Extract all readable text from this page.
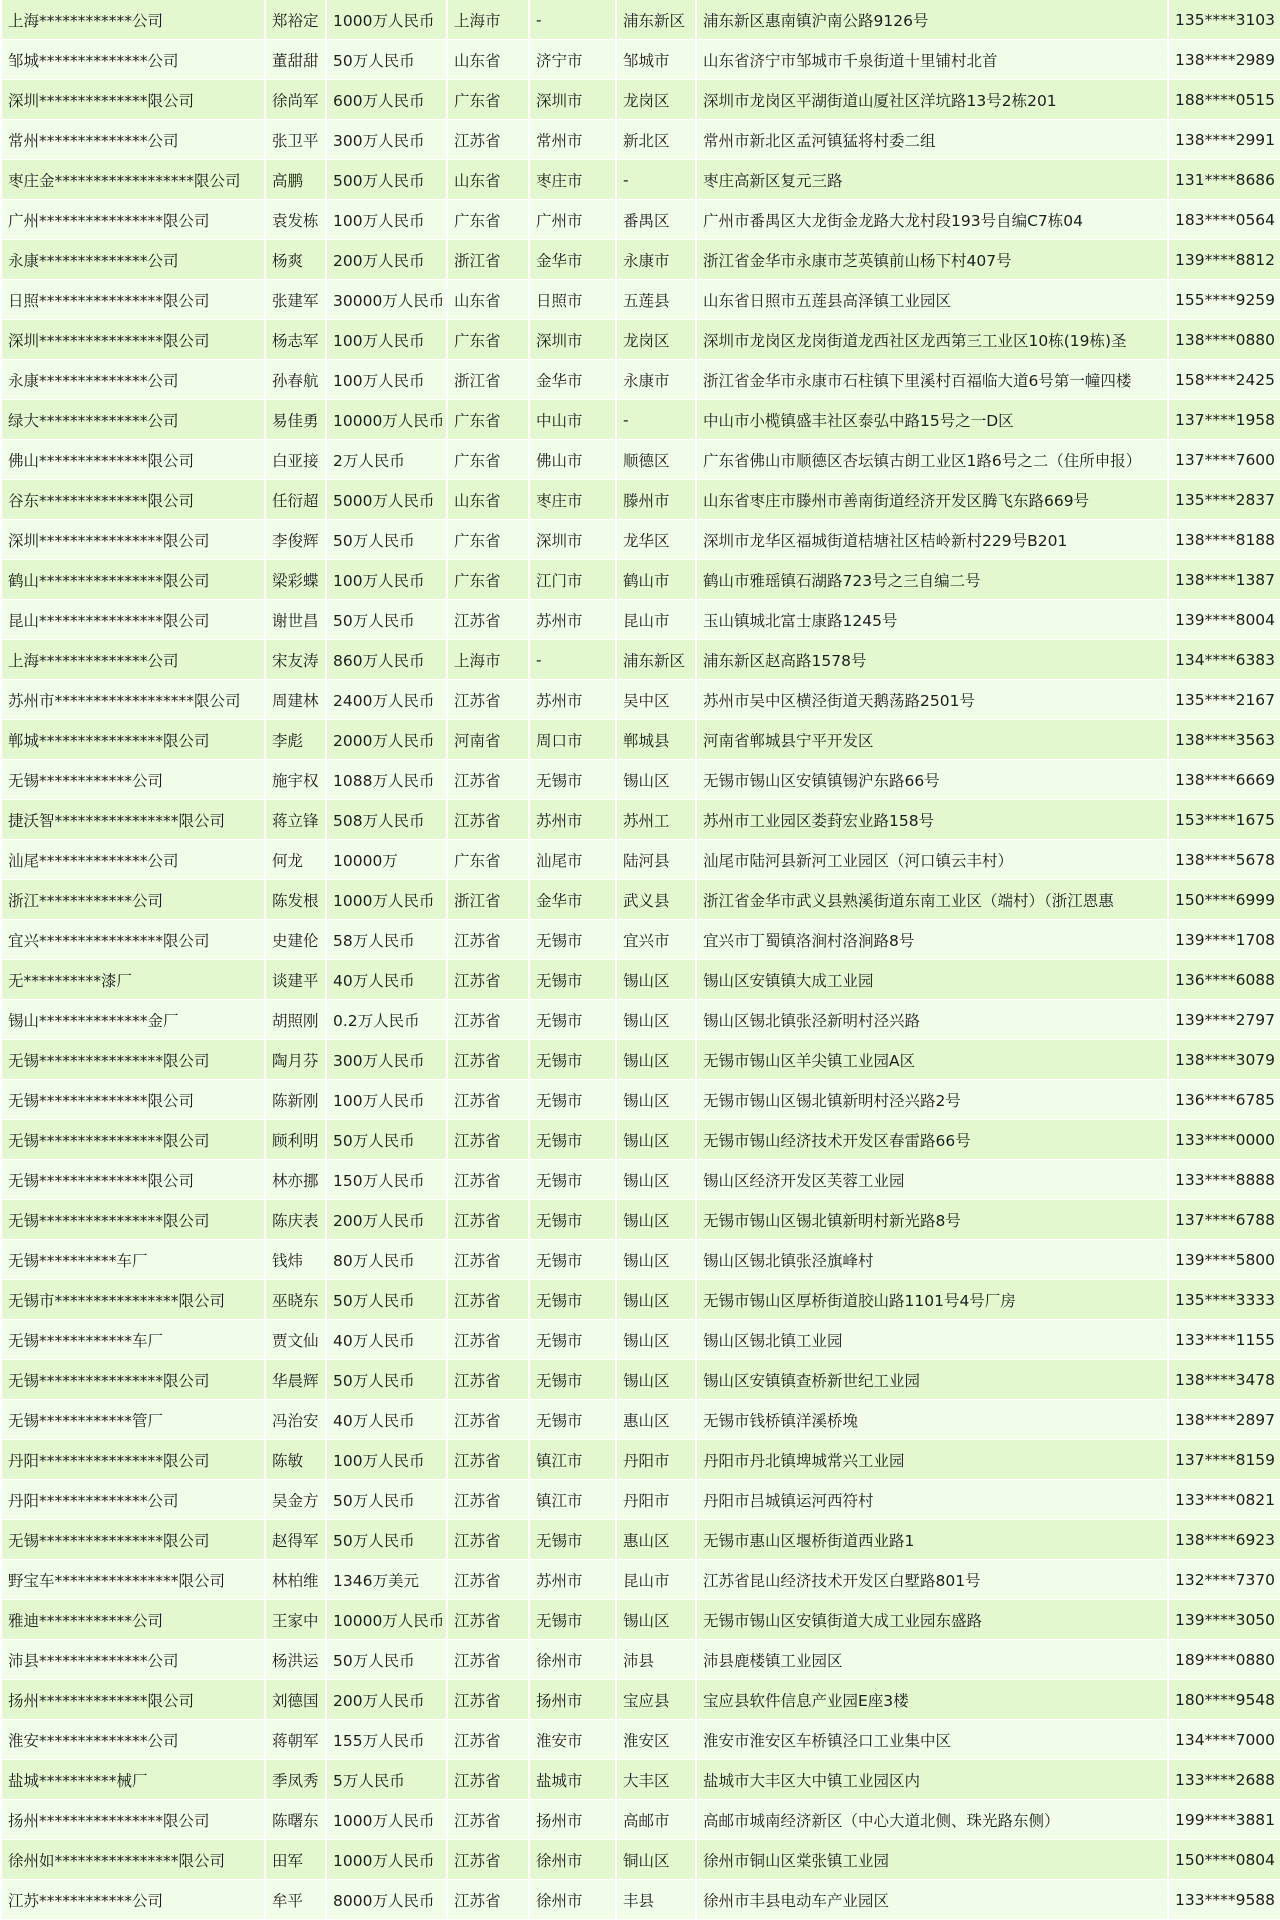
上海************公司	郑裕定	1000万人民币	上海市	-	浦东新区	浦东新区惠南镇沪南公路9126号	135****3103
邹城**************公司	董甜甜	50万人民币	山东省	济宁市	邹城市	山东省济宁市邹城市千泉街道十里铺村北首	138****2989
深圳**************限公司	徐尚军	600万人民币	广东省	深圳市	龙岗区	深圳市龙岗区平湖街道山厦社区洋坑路13号2栋201	188****0515
常州**************公司	张卫平	300万人民币	江苏省	常州市	新北区	常州市新北区孟河镇猛将村委二组	138****2991
枣庄金******************限公司	高鹏	500万人民币	山东省	枣庄市	-	枣庄高新区复元三路	131****8686
广州****************限公司	袁发栋	100万人民币	广东省	广州市	番禺区	广州市番禺区大龙街金龙路大龙村段193号自编C7栋04	183****0564
永康**************公司	杨爽	200万人民币	浙江省	金华市	永康市	浙江省金华市永康市芝英镇前山杨下村407号	139****8812
日照****************限公司	张建军	30000万人民币	山东省	日照市	五莲县	山东省日照市五莲县高泽镇工业园区	155****9259
深圳****************限公司	杨志军	100万人民币	广东省	深圳市	龙岗区	深圳市龙岗区龙岗街道龙西社区龙西第三工业区10栋(19栋)圣	138****0880
永康**************公司	孙春航	100万人民币	浙江省	金华市	永康市	浙江省金华市永康市石柱镇下里溪村百福临大道6号第一幢四楼	158****2425
绿大**************公司	易佳勇	10000万人民币	广东省	中山市	-	中山市小榄镇盛丰社区泰弘中路15号之一D区	137****1958
佛山**************限公司	白亚接	2万人民币	广东省	佛山市	顺德区	广东省佛山市顺德区杏坛镇古朗工业区1路6号之二（住所申报）	137****7600
谷东**************限公司	任衍超	5000万人民币	山东省	枣庄市	滕州市	山东省枣庄市滕州市善南街道经济开发区腾飞东路669号	135****2837
深圳****************限公司	李俊辉	50万人民币	广东省	深圳市	龙华区	深圳市龙华区福城街道桔塘社区桔岭新村229号B201	138****8188
鹤山****************限公司	梁彩蝶	100万人民币	广东省	江门市	鹤山市	鹤山市雅瑶镇石湖路723号之三自编二号	138****1387
昆山****************限公司	谢世昌	50万人民币	江苏省	苏州市	昆山市	玉山镇城北富士康路1245号	139****8004
上海**************公司	宋友涛	860万人民币	上海市	-	浦东新区	浦东新区赵高路1578号	134****6383
苏州市******************限公司	周建林	2400万人民币	江苏省	苏州市	吴中区	苏州市吴中区横泾街道天鹅荡路2501号	135****2167
郸城****************限公司	李彪	2000万人民币	河南省	周口市	郸城县	河南省郸城县宁平开发区	138****3563
无锡************公司	施宇权	1088万人民币	江苏省	无锡市	锡山区	无锡市锡山区安镇镇锡沪东路66号	138****6669
捷沃智****************限公司	蒋立锋	508万人民币	江苏省	苏州市	苏州工	苏州市工业园区娄葑宏业路158号	153****1675
汕尾**************公司	何龙	10000万	广东省	汕尾市	陆河县	汕尾市陆河县新河工业园区（河口镇云丰村）	138****5678
浙江************公司	陈发根	1000万人民币	浙江省	金华市	武义县	浙江省金华市武义县熟溪街道东南工业区（端村）（浙江恩惠	150****6999
宜兴****************限公司	史建伦	58万人民币	江苏省	无锡市	宜兴市	宜兴市丁蜀镇洛涧村洛涧路8号	139****1708
无**********漆厂	谈建平	40万人民币	江苏省	无锡市	锡山区	锡山区安镇镇大成工业园	136****6088
锡山**************金厂	胡照刚	0.2万人民币	江苏省	无锡市	锡山区	锡山区锡北镇张泾新明村泾兴路	139****2797
无锡****************限公司	陶月芬	300万人民币	江苏省	无锡市	锡山区	无锡市锡山区羊尖镇工业园A区	138****3079
无锡**************限公司	陈新刚	100万人民币	江苏省	无锡市	锡山区	无锡市锡山区锡北镇新明村泾兴路2号	136****6785
无锡****************限公司	顾利明	50万人民币	江苏省	无锡市	锡山区	无锡市锡山经济技术开发区春雷路66号	133****0000
无锡**************限公司	林亦挪	150万人民币	江苏省	无锡市	锡山区	锡山区经济开发区芙蓉工业园	133****8888
无锡****************限公司	陈庆表	200万人民币	江苏省	无锡市	锡山区	无锡市锡山区锡北镇新明村新光路8号	137****6788
无锡**********车厂	钱炜	80万人民币	江苏省	无锡市	锡山区	锡山区锡北镇张泾旗峰村	139****5800
无锡市****************限公司	巫晓东	50万人民币	江苏省	无锡市	锡山区	无锡市锡山区厚桥街道胶山路1101号4号厂房	135****3333
无锡************车厂	贾文仙	40万人民币	江苏省	无锡市	锡山区	锡山区锡北镇工业园	133****1155
无锡****************限公司	华晨辉	50万人民币	江苏省	无锡市	锡山区	锡山区安镇镇查桥新世纪工业园	138****3478
无锡************管厂	冯治安	40万人民币	江苏省	无锡市	惠山区	无锡市钱桥镇洋溪桥堍	138****2897
丹阳****************限公司	陈敏	100万人民币	江苏省	镇江市	丹阳市	丹阳市丹北镇埤城常兴工业园	137****8159
丹阳**************公司	吴金方	50万人民币	江苏省	镇江市	丹阳市	丹阳市吕城镇运河西符村	133****0821
无锡****************限公司	赵得军	50万人民币	江苏省	无锡市	惠山区	无锡市惠山区堰桥街道西业路1	138****6923
野宝车****************限公司	林柏维	1346万美元	江苏省	苏州市	昆山市	江苏省昆山经济技术开发区白墅路801号	132****7370
雅迪************公司	王家中	10000万人民币	江苏省	无锡市	锡山区	无锡市锡山区安镇街道大成工业园东盛路	139****3050
沛县**************公司	杨洪运	50万人民币	江苏省	徐州市	沛县	沛县鹿楼镇工业园区	189****0880
扬州**************限公司	刘德国	200万人民币	江苏省	扬州市	宝应县	宝应县软件信息产业园E座3楼	180****9548
淮安**************公司	蒋朝军	155万人民币	江苏省	淮安市	淮安区	淮安市淮安区车桥镇泾口工业集中区	134****7000
盐城**********械厂	季凤秀	5万人民币	江苏省	盐城市	大丰区	盐城市大丰区大中镇工业园区内	133****2688
扬州****************限公司	陈曙东	1000万人民币	江苏省	扬州市	高邮市	高邮市城南经济新区（中心大道北侧、珠光路东侧）	199****3881
徐州如****************限公司	田军	1000万人民币	江苏省	徐州市	铜山区	徐州市铜山区棠张镇工业园	150****0804
江苏************公司	牟平	8000万人民币	江苏省	徐州市	丰县	徐州市丰县电动车产业园区	133****9588
